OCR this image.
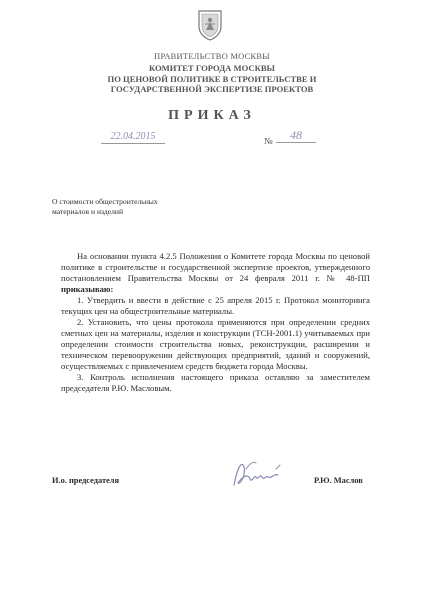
ПРАВИТЕЛЬСТВО МОСКВЫ
КОМИТЕТ ГОРОДА МОСКВЫ
ПО ЦЕНОВОЙ ПОЛИТИКЕ В СТРОИТЕЛЬСТВЕ И
ГОСУДАРСТВЕННОЙ ЭКСПЕРТИЗЕ ПРОЕКТОВ
ПРИКАЗ
22.04.2015	№	48
О стоимости общестроительных
материалов и изделий

На основании пункта 4.2.5 Положения о Комитете города Москвы по ценовой политике в строительстве и государственной экспертизе проектов, утвержденного постановлением Правительства Москвы от 24 февраля 2011 г. № 48-ПП приказываю:

1. Утвердить и ввести в действие с 25 апреля 2015 г. Протокол мониторинга текущих цен на общестроительные материалы.

2. Установить, что цены протокола применяются при определении средних сметных цен на материалы, изделия и конструкции (ТСН-2001.1) учитываемых при определении стоимости строительства новых, реконструкции, расширении и техническом перевооружении действующих предприятий, зданий и сооружений, осуществляемых с привлечением средств бюджета города Москвы.

3. Контроль исполнения настоящего приказа оставляю за заместителем председателя Р.Ю. Масловым.

И.о. председателя	Р.Ю. Маслов
